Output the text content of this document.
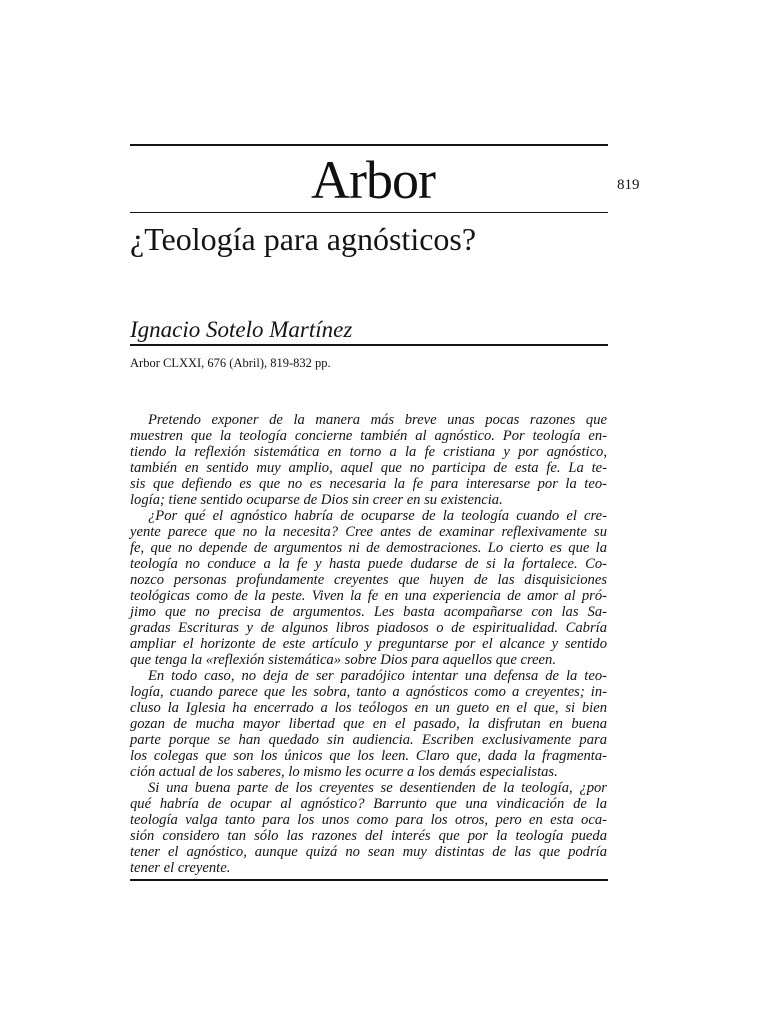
Arbor	819
¿Teología para agnósticos?
Ignacio Sotelo Martínez
Arbor CLXXI, 676 (Abril), 819-832 pp.
Pretendo exponer de la manera más breve unas pocas razones que
muestren que la teología concierne también al agnóstico. Por teología en-
tiendo la reflexión sistemática en torno a la fe cristiana y por agnóstico,
también en sentido muy amplio, aquel que no participa de esta fe. La te-
sis que defiendo es que no es necesaria la fe para interesarse por la teo-
logía; tiene sentido ocuparse de Dios sin creer en su existencia.
¿Por qué el agnóstico habría de ocuparse de la teología cuando el cre-
yente parece que no la necesita? Cree antes de examinar reflexivamente su
fe, que no depende de argumentos ni de demostraciones. Lo cierto es que la
teología no conduce a la fe y hasta puede dudarse de si la fortalece. Co-
nozco personas profundamente creyentes que huyen de las disquisiciones
teológicas como de la peste. Viven la fe en una experiencia de amor al pró-
jimo que no precisa de argumentos. Les basta acompañarse con las Sa-
gradas Escrituras y de algunos libros piadosos o de espiritualidad. Cabría
ampliar el horizonte de este artículo y preguntarse por el alcance y sentido
que tenga la «reflexión sistemática» sobre Dios para aquellos que creen.
En todo caso, no deja de ser paradójico intentar una defensa de la teo-
logía, cuando parece que les sobra, tanto a agnósticos como a creyentes; in-
cluso la Iglesia ha encerrado a los teólogos en un gueto en el que, si bien
gozan de mucha mayor libertad que en el pasado, la disfrutan en buena
parte porque se han quedado sin audiencia. Escriben exclusivamente para
los colegas que son los únicos que los leen. Claro que, dada la fragmenta-
ción actual de los saberes, lo mismo les ocurre a los demás especialistas.
Si una buena parte de los creyentes se desentienden de la teología, ¿por
qué habría de ocupar al agnóstico? Barrunto que una vindicación de la
teología valga tanto para los unos como para los otros, pero en esta oca-
sión considero tan sólo las razones del interés que por la teología pueda
tener el agnóstico, aunque quizá no sean muy distintas de las que podría
tener el creyente.
